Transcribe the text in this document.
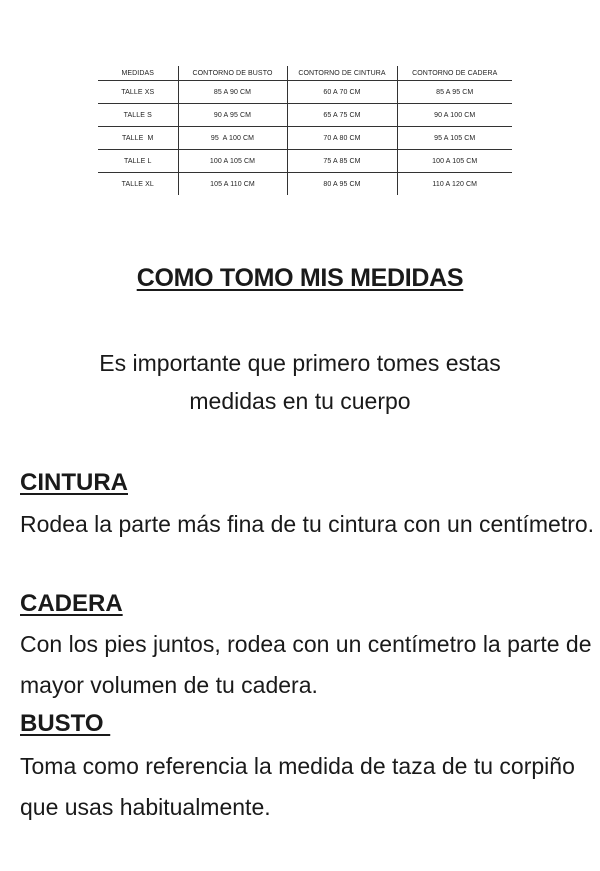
MEDIDAS	CONTORNO DE BUSTO	CONTORNO DE CINTURA	CONTORNO DE CADERA
TALLE XS	85 A 90 CM	60 A 70 CM	85 A 95 CM
TALLE S	90 A 95 CM	65 A 75 CM	90 A 100 CM
TALLE  M	95  A 100 CM	70 A 80 CM	95 A 105 CM
TALLE L	100 A 105 CM	75 A 85 CM	100 A 105 CM
TALLE XL	105 A 110 CM	80 A 95 CM	110 A 120 CM
COMO TOMO MIS MEDIDAS

Es importante que primero tomes estas
medidas en tu cuerpo

CINTURA

Rodea la parte más fina de tu cintura con un centímetro.

CADERA

Con los pies juntos, rodea con un centímetro la parte de mayor volumen de tu cadera.

BUSTO

Toma como referencia la medida de taza de tu corpiño que usas habitualmente.
